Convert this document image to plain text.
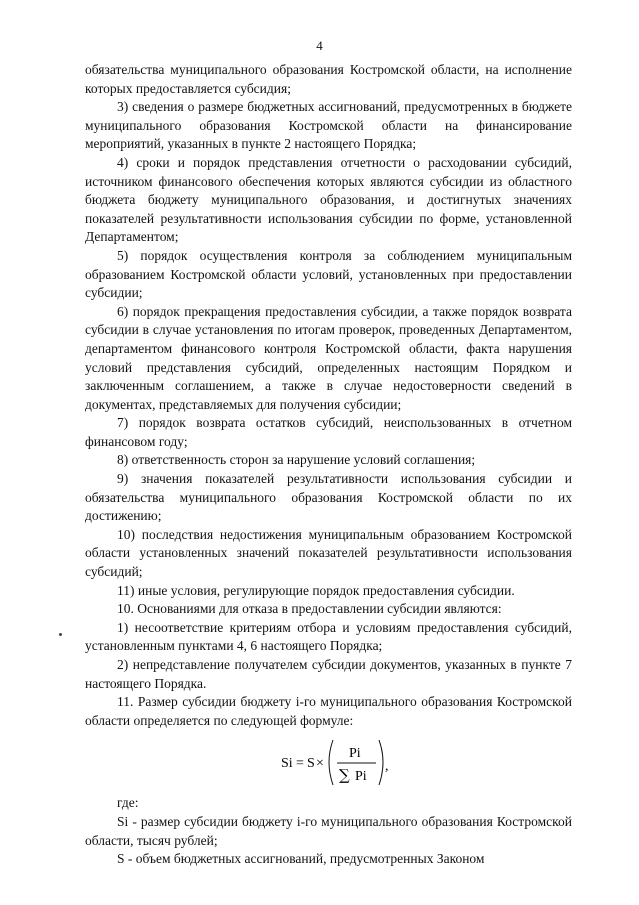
4

обязательства муниципального образования Костромской области, на исполнение которых предоставляется субсидия;

3) сведения о размере бюджетных ассигнований, предусмотренных в бюджете муниципального образования Костромской области на финансирование мероприятий, указанных в пункте 2 настоящего Порядка;

4) сроки и порядок представления отчетности о расходовании субсидий, источником финансового обеспечения которых являются субсидии из областного бюджета бюджету муниципального образования, и достигнутых значениях показателей результативности использования субсидии по форме, установленной Департаментом;

5) порядок осуществления контроля за соблюдением муниципальным образованием Костромской области условий, установленных при предоставлении субсидии;

6) порядок прекращения предоставления субсидии, а также порядок возврата субсидии в случае установления по итогам проверок, проведенных Департаментом, департаментом финансового контроля Костромской области, факта нарушения условий представления субсидий, определенных настоящим Порядком и заключенным соглашением, а также в случае недостоверности сведений в документах, представляемых для получения субсидии;

7) порядок возврата остатков субсидий, неиспользованных в отчетном финансовом году;

8) ответственность сторон за нарушение условий соглашения;

9) значения показателей результативности использования субсидии и обязательства муниципального образования Костромской области по их достижению;

10) последствия недостижения муниципальным образованием Костромской области установленных значений показателей результативности использования субсидий;

11) иные условия, регулирующие порядок предоставления субсидии.

10. Основаниями для отказа в предоставлении субсидии являются:

1) несоответствие критериям отбора и условиям предоставления субсидий, установленным пунктами 4, 6 настоящего Порядка;

2) непредставление получателем субсидии документов, указанных в пункте 7 настоящего Порядка.

11. Размер субсидии бюджету i-го муниципального образования Костромской области определяется по следующей формуле:

Si = S ×
Pi
∑ Pi
,

где:

Si - размер субсидии бюджету i-го муниципального образования Костромской области, тысяч рублей;

S - объем бюджетных ассигнований, предусмотренных Законом
